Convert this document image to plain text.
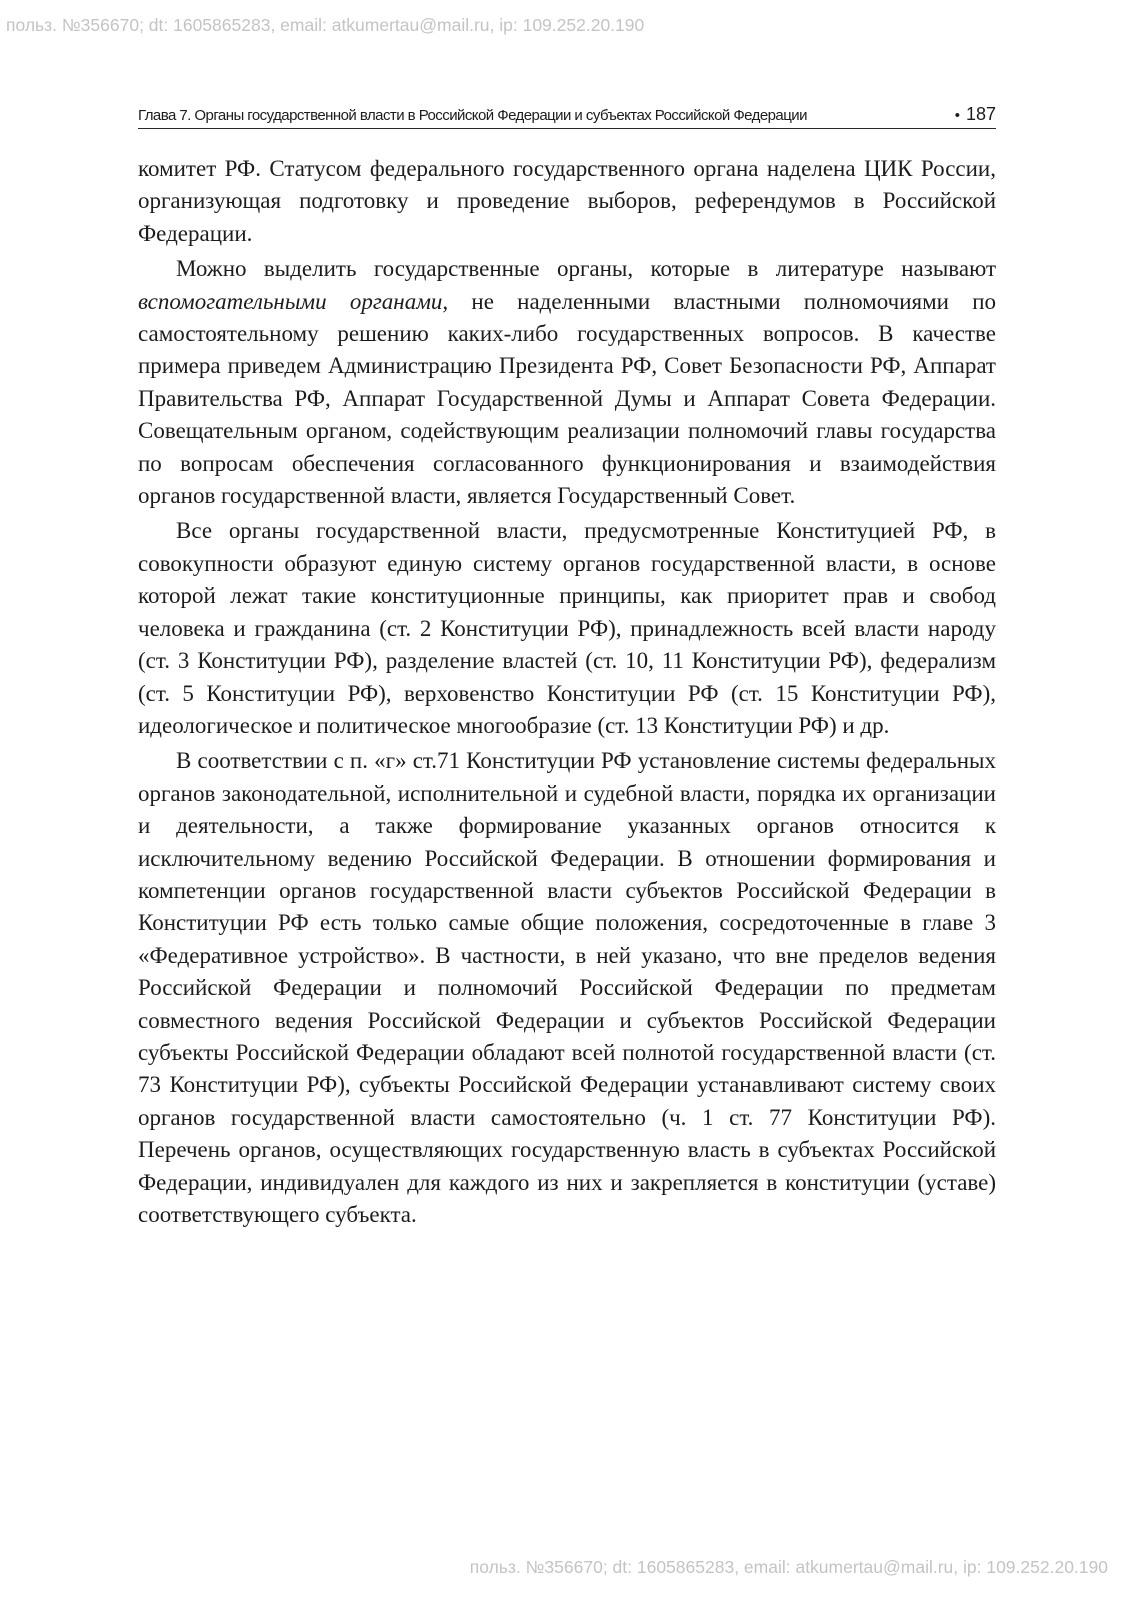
польз. №356670; dt: 1605865283, email: atkumertau@mail.ru, ip: 109.252.20.190
Глава 7. Органы государственной власти в Российской Федерации и субъектах Российской Федерации	• 187

комитет РФ. Статусом федерального государственного органа наделена ЦИК России, организующая подготовку и проведение выборов, референдумов в Российской Федерации.

Можно выделить государственные органы, которые в литературе называют вспомогательными органами, не наделенными властными полномочиями по самостоятельному решению каких-либо государственных вопросов. В качестве примера приведем Администрацию Президента РФ, Совет Безопасности РФ, Аппарат Правительства РФ, Аппарат Государственной Думы и Аппарат Совета Федерации. Совещательным органом, содействующим реализации полномочий главы государства по вопросам обеспечения согласованного функционирования и взаимодействия органов государственной власти, является Государственный Совет.

Все органы государственной власти, предусмотренные Конституцией РФ, в совокупности образуют единую систему органов государственной власти, в основе которой лежат такие конституционные принципы, как приоритет прав и свобод человека и гражданина (ст. 2 Конституции РФ), принадлежность всей власти народу (ст. 3 Конституции РФ), разделение властей (ст. 10, 11 Конституции РФ), федерализм (ст. 5 Конституции РФ), верховенство Конституции РФ (ст. 15 Конституции РФ), идеологическое и политическое многообразие (ст. 13 Конституции РФ) и др.

В соответствии с п. «г» ст.71 Конституции РФ установление системы федеральных органов законодательной, исполнительной и судебной власти, порядка их организации и деятельности, а также формирование указанных органов относится к исключительному ведению Российской Федерации. В отношении формирования и компетенции органов государственной власти субъектов Российской Федерации в Конституции РФ есть только самые общие положения, сосредоточенные в главе 3 «Федеративное устройство». В частности, в ней указано, что вне пределов ведения Российской Федерации и полномочий Российской Федерации по предметам совместного ведения Российской Федерации и субъектов Российской Федерации субъекты Российской Федерации обладают всей полнотой государственной власти (ст. 73 Конституции РФ), субъекты Российской Федерации устанавливают систему своих органов государственной власти самостоятельно (ч. 1 ст. 77 Конституции РФ). Перечень органов, осуществляющих государственную власть в субъектах Российской Федерации, индивидуален для каждого из них и закрепляется в конституции (уставе) соответствующего субъекта.

польз. №356670; dt: 1605865283, email: atkumertau@mail.ru, ip: 109.252.20.190
